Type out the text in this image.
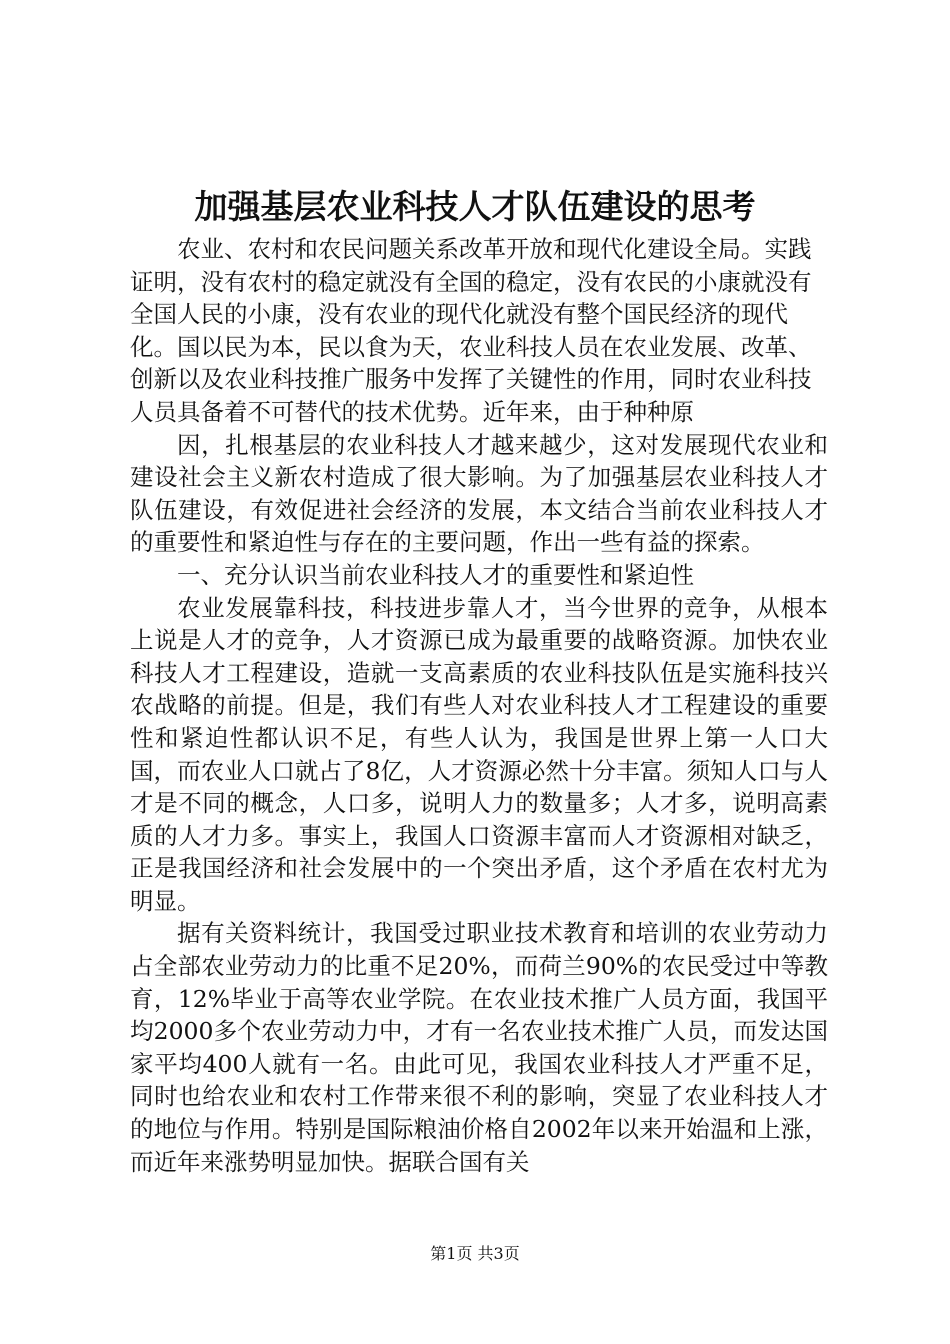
加强基层农业科技人才队伍建设的思考

农业、农村和农民问题关系改革开放和现代化建设全局。实践证明，没有农村的稳定就没有全国的稳定，没有农民的小康就没有全国人民的小康，没有农业的现代化就没有整个国民经济的现代化。国以民为本，民以食为天，农业科技人员在农业发展、改革、创新以及农业科技推广服务中发挥了关键性的作用，同时农业科技人员具备着不可替代的技术优势。近年来，由于种种原

因，扎根基层的农业科技人才越来越少，这对发展现代农业和建设社会主义新农村造成了很大影响。为了加强基层农业科技人才队伍建设，有效促进社会经济的发展，本文结合当前农业科技人才的重要性和紧迫性与存在的主要问题，作出一些有益的探索。

一、充分认识当前农业科技人才的重要性和紧迫性

农业发展靠科技，科技进步靠人才，当今世界的竞争，从根本上说是人才的竞争，人才资源已成为最重要的战略资源。加快农业科技人才工程建设，造就一支高素质的农业科技队伍是实施科技兴农战略的前提。但是，我们有些人对农业科技人才工程建设的重要性和紧迫性都认识不足，有些人认为，我国是世界上第一人口大国，而农业人口就占了8亿，人才资源必然十分丰富。须知人口与人才是不同的概念，人口多，说明人力的数量多；人才多，说明高素质的人才力多。事实上，我国人口资源丰富而人才资源相对缺乏，正是我国经济和社会发展中的一个突出矛盾，这个矛盾在农村尤为明显。

据有关资料统计，我国受过职业技术教育和培训的农业劳动力占全部农业劳动力的比重不足20%，而荷兰90%的农民受过中等教育，12%毕业于高等农业学院。在农业技术推广人员方面，我国平均2000多个农业劳动力中，才有一名农业技术推广人员，而发达国家平均400人就有一名。由此可见，我国农业科技人才严重不足，同时也给农业和农村工作带来很不利的影响，突显了农业科技人才的地位与作用。特别是国际粮油价格自2002年以来开始温和上涨，而近年来涨势明显加快。据联合国有关

第1页 共3页
